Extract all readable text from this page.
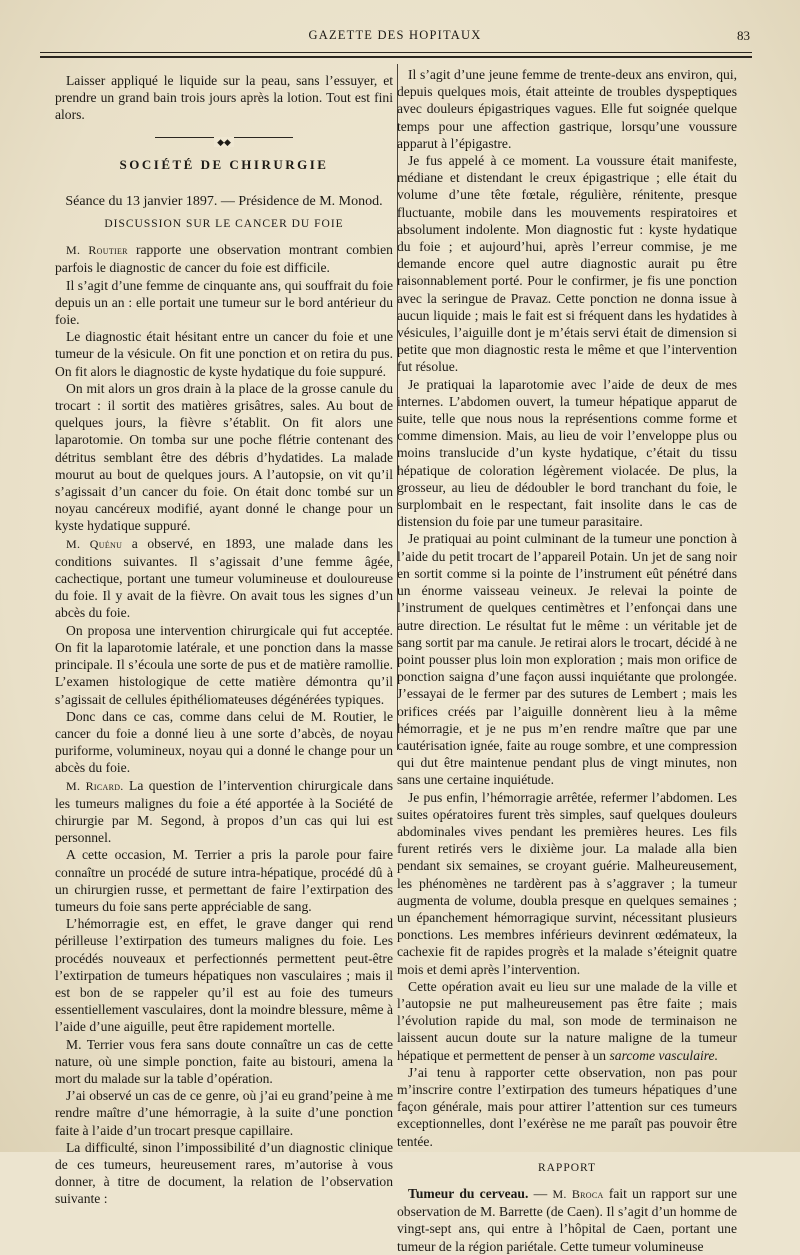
GAZETTE DES HOPITAUX	83

Laisser appliqué le liquide sur la peau, sans l’essuyer, et prendre un grand bain trois jours après la lotion. Tout est fini alors.

◆◆
SOCIÉTÉ DE CHIRURGIE
Séance du 13 janvier 1897. — Présidence de M. Monod.
DISCUSSION SUR LE CANCER DU FOIE

M. Routier rapporte une observation montrant combien parfois le diagnostic de cancer du foie est difficile.

Il s’agit d’une femme de cinquante ans, qui souffrait du foie depuis un an : elle portait une tumeur sur le bord antérieur du foie.

Le diagnostic était hésitant entre un cancer du foie et une tumeur de la vésicule. On fit une ponction et on retira du pus. On fit alors le diagnostic de kyste hydatique du foie suppuré.

On mit alors un gros drain à la place de la grosse canule du trocart : il sortit des matières grisâtres, sales. Au bout de quelques jours, la fièvre s’établit. On fit alors une laparotomie. On tomba sur une poche flétrie contenant des détritus semblant être des débris d’hydatides. La malade mourut au bout de quelques jours. A l’autopsie, on vit qu’il s’agissait d’un cancer du foie. On était donc tombé sur un noyau cancéreux modifié, ayant donné le change pour un kyste hydatique suppuré.

M. Quénu a observé, en 1893, une malade dans les conditions suivantes. Il s’agissait d’une femme âgée, cachectique, portant une tumeur volumineuse et douloureuse du foie. Il y avait de la fièvre. On avait tous les signes d’un abcès du foie.

On proposa une intervention chirurgicale qui fut acceptée. On fit la laparotomie latérale, et une ponction dans la masse principale. Il s’écoula une sorte de pus et de matière ramollie. L’examen histologique de cette matière démontra qu’il s’agissait de cellules épithéliomateuses dégénérées typiques.

Donc dans ce cas, comme dans celui de M. Routier, le cancer du foie a donné lieu à une sorte d’abcès, de noyau puriforme, volumineux, noyau qui a donné le change pour un abcès du foie.

M. Ricard. La question de l’intervention chirurgicale dans les tumeurs malignes du foie a été apportée à la Société de chirurgie par M. Segond, à propos d’un cas qui lui est personnel.

A cette occasion, M. Terrier a pris la parole pour faire connaître un procédé de suture intra-hépatique, procédé dû à un chirurgien russe, et permettant de faire l’extirpation des tumeurs du foie sans perte appréciable de sang.

L’hémorragie est, en effet, le grave danger qui rend périlleuse l’extirpation des tumeurs malignes du foie. Les procédés nouveaux et perfectionnés permettent peut-être l’extirpation de tumeurs hépatiques non vasculaires ; mais il est bon de se rappeler qu’il est au foie des tumeurs essentiellement vasculaires, dont la moindre blessure, même à l’aide d’une aiguille, peut être rapidement mortelle.

M. Terrier vous fera sans doute connaître un cas de cette nature, où une simple ponction, faite au bistouri, amena la mort du malade sur la table d’opération.

J’ai observé un cas de ce genre, où j’ai eu grand’peine à me rendre maître d’une hémorragie, à la suite d’une ponction faite à l’aide d’un trocart presque capillaire.

La difficulté, sinon l’impossibilité d’un diagnostic clinique de ces tumeurs, heureusement rares, m’autorise à vous donner, à titre de document, la relation de l’observation suivante :

Il s’agit d’une jeune femme de trente-deux ans environ, qui, depuis quelques mois, était atteinte de troubles dyspeptiques avec douleurs épigastriques vagues. Elle fut soignée quelque temps pour une affection gastrique, lorsqu’une voussure apparut à l’épigastre.

Je fus appelé à ce moment. La voussure était manifeste, médiane et distendant le creux épigastrique ; elle était du volume d’une tête fœtale, régulière, rénitente, presque fluctuante, mobile dans les mouvements respiratoires et absolument indolente. Mon diagnostic fut : kyste hydatique du foie ; et aujourd’hui, après l’erreur commise, je me demande encore quel autre diagnostic aurait pu être raisonnablement porté. Pour le confirmer, je fis une ponction avec la seringue de Pravaz. Cette ponction ne donna issue à aucun liquide ; mais le fait est si fréquent dans les hydatides à vésicules, l’aiguille dont je m’étais servi était de dimension si petite que mon diagnostic resta le même et que l’intervention fut résolue.

Je pratiquai la laparotomie avec l’aide de deux de mes internes. L’abdomen ouvert, la tumeur hépatique apparut de suite, telle que nous nous la représentions comme forme et comme dimension. Mais, au lieu de voir l’enveloppe plus ou moins translucide d’un kyste hydatique, c’était du tissu hépatique de coloration légèrement violacée. De plus, la grosseur, au lieu de dédoubler le bord tranchant du foie, le surplombait en le respectant, fait insolite dans le cas de distension du foie par une tumeur parasitaire.

Je pratiquai au point culminant de la tumeur une ponction à l’aide du petit trocart de l’appareil Potain. Un jet de sang noir en sortit comme si la pointe de l’instrument eût pénétré dans un énorme vaisseau veineux. Je relevai la pointe de l’instrument de quelques centimètres et l’enfonçai dans une autre direction. Le résultat fut le même : un véritable jet de sang sortit par ma canule. Je retirai alors le trocart, décidé à ne point pousser plus loin mon exploration ; mais mon orifice de ponction saigna d’une façon aussi inquiétante que prolongée. J’essayai de le fermer par des sutures de Lembert ; mais les orifices créés par l’aiguille donnèrent lieu à la même hémorragie, et je ne pus m’en rendre maître que par une cautérisation ignée, faite au rouge sombre, et une compression qui dut être maintenue pendant plus de vingt minutes, non sans une certaine inquiétude.

Je pus enfin, l’hémorragie arrêtée, refermer l’abdomen. Les suites opératoires furent très simples, sauf quelques douleurs abdominales vives pendant les premières heures. Les fils furent retirés vers le dixième jour. La malade alla bien pendant six semaines, se croyant guérie. Malheureusement, les phénomènes ne tardèrent pas à s’aggraver ; la tumeur augmenta de volume, doubla presque en quelques semaines ; un épanchement hémorragique survint, nécessitant plusieurs ponctions. Les membres inférieurs devinrent œdémateux, la cachexie fit de rapides progrès et la malade s’éteignit quatre mois et demi après l’intervention.

Cette opération avait eu lieu sur une malade de la ville et l’autopsie ne put malheureusement pas être faite ; mais l’évolution rapide du mal, son mode de terminaison ne laissent aucun doute sur la nature maligne de la tumeur hépatique et permettent de penser à un sarcome vasculaire.

J’ai tenu à rapporter cette observation, non pas pour m’inscrire contre l’extirpation des tumeurs hépatiques d’une façon générale, mais pour attirer l’attention sur ces tumeurs exceptionnelles, dont l’exérèse ne me paraît pas pouvoir être tentée.

RAPPORT

Tumeur du cerveau. — M. Broca fait un rapport sur une observation de M. Barrette (de Caen). Il s’agit d’un homme de vingt-sept ans, qui entre à l’hôpital de Caen, portant une tumeur de la région pariétale. Cette tumeur volumineuse
